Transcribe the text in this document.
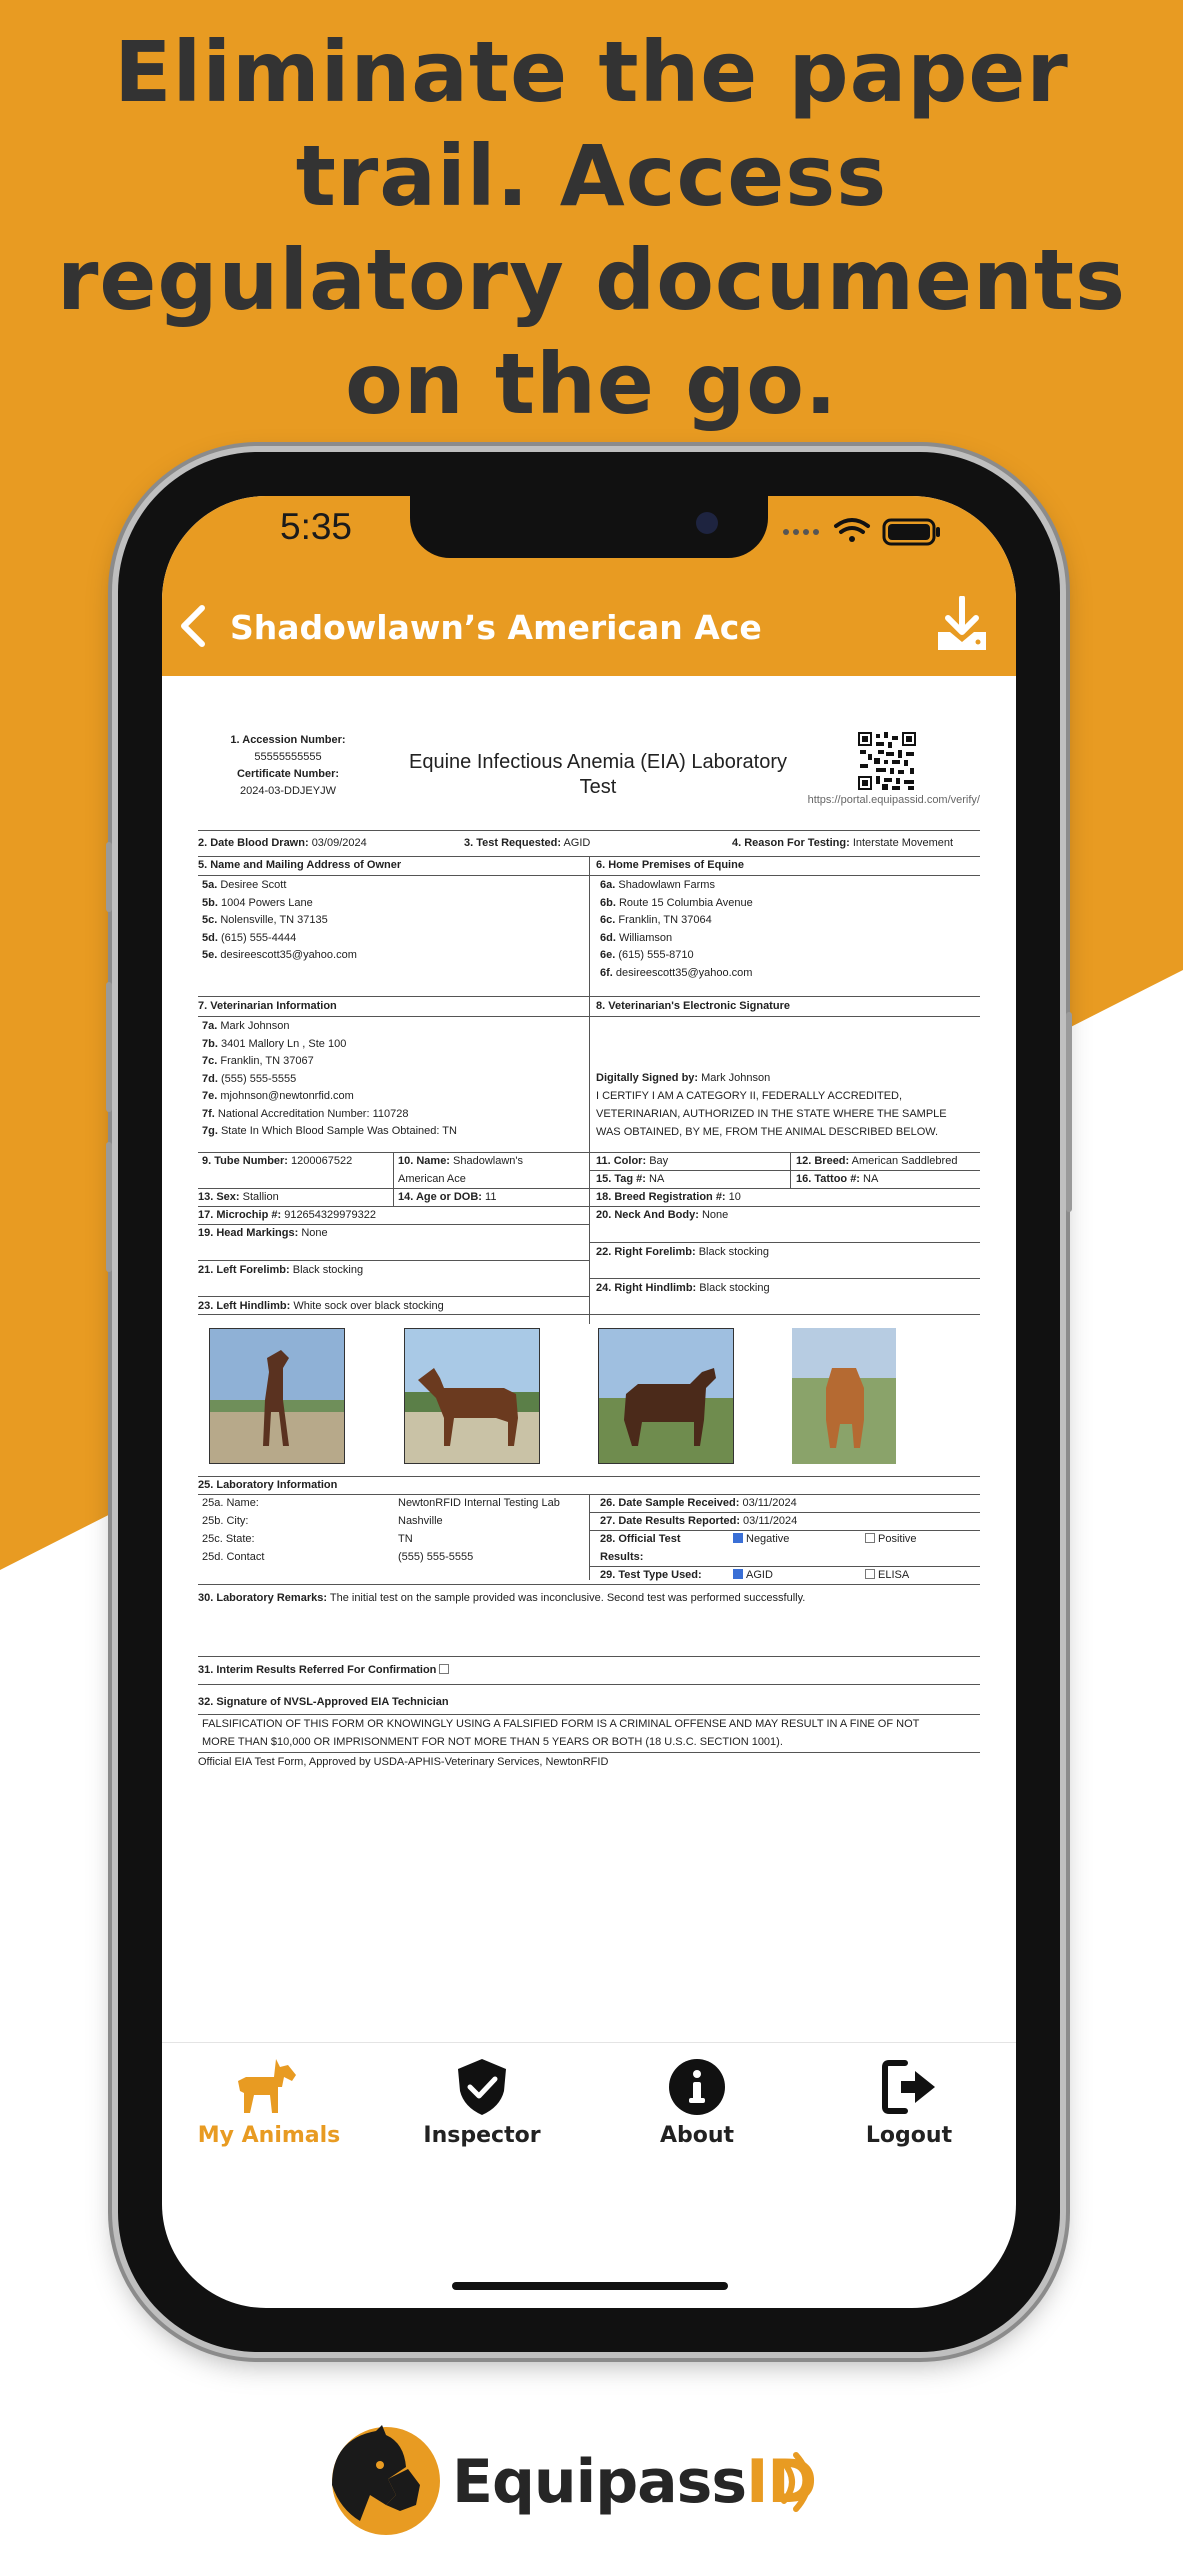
Eliminate the paper
trail. Access
regulatory documents
on the go.
5:35
Shadowlawn’s American Ace
1. Accession Number:
55555555555
Certificate Number:
2024-03-DDJEYJW
Equine Infectious Anemia (EIA) Laboratory
Test
https://portal.equipassid.com/verify/
2. Date Blood Drawn: 03/09/2024	3. Test Requested: AGID	4. Reason For Testing: Interstate Movement
5. Name and Mailing Address of Owner	6. Home Premises of Equine
5a. Desiree Scott
5b. 1004 Powers Lane
5c. Nolensville, TN 37135
5d. (615) 555-4444
5e. desireescott35@yahoo.com
6a. Shadowlawn Farms
6b. Route 15 Columbia Avenue
6c. Franklin, TN 37064
6d. Williamson
6e. (615) 555-8710
6f. desireescott35@yahoo.com
7. Veterinarian Information	8. Veterinarian's Electronic Signature
7a. Mark Johnson
7b. 3401 Mallory Ln , Ste 100
7c. Franklin, TN 37067
7d. (555) 555-5555
7e. mjohnson@newtonrfid.com
7f. National Accreditation Number: 110728
7g. State In Which Blood Sample Was Obtained: TN
Digitally Signed by: Mark Johnson
I CERTIFY I AM A CATEGORY II, FEDERALLY ACCREDITED,
VETERINARIAN, AUTHORIZED IN THE STATE WHERE THE SAMPLE
WAS OBTAINED, BY ME, FROM THE ANIMAL DESCRIBED BELOW.
9. Tube Number: 1200067522	10. Name: Shadowlawn's
American Ace
11. Color: Bay	12. Breed: American Saddlebred
15. Tag #: NA	16. Tattoo #: NA
13. Sex: Stallion	14. Age or DOB: 11	18. Breed Registration #: 10
17. Microchip #: 912654329979322	20. Neck And Body: None
19. Head Markings: None
22. Right Forelimb: Black stocking
21. Left Forelimb: Black stocking
24. Right Hindlimb: Black stocking
23. Left Hindlimb: White sock over black stocking
25. Laboratory Information
25a. Name:	NewtonRFID Internal Testing Lab
25b. City:	Nashville
25c. State:	TN
25d. Contact	(555) 555-5555
26. Date Sample Received: 03/11/2024
27. Date Results Reported: 03/11/2024
28. Official Test
Results:
Negative	Positive
29. Test Type Used:	AGID	ELISA
30. Laboratory Remarks: The initial test on the sample provided was inconclusive. Second test was performed successfully.
31. Interim Results Referred For Confirmation
32. Signature of NVSL-Approved EIA Technician
FALSIFICATION OF THIS FORM OR KNOWINGLY USING A FALSIFIED FORM IS A CRIMINAL OFFENSE AND MAY RESULT IN A FINE OF NOT
MORE THAN $10,000 OR IMPRISONMENT FOR NOT MORE THAN 5 YEARS OR BOTH (18 U.S.C. SECTION 1001).
Official EIA Test Form, Approved by USDA-APHIS-Veterinary Services, NewtonRFID
My Animals	Inspector	About	Logout
EquipassID
